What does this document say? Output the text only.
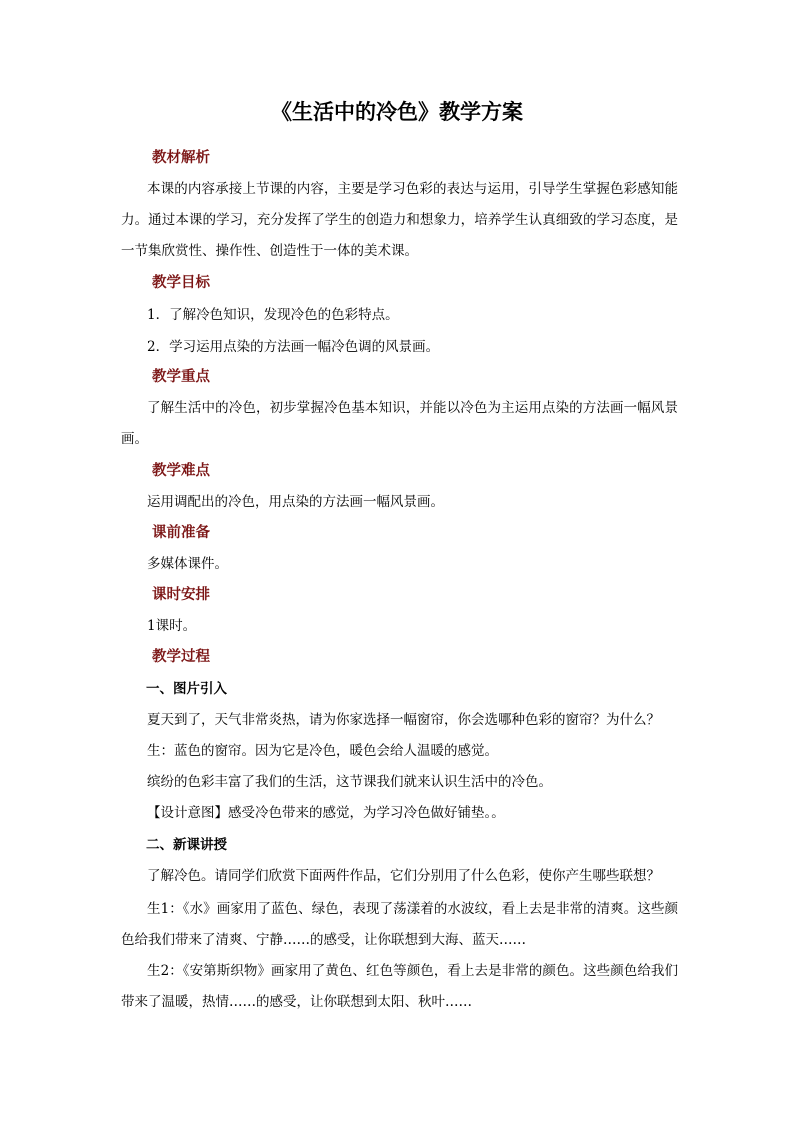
《生活中的冷色》教学方案
教材解析

本课的内容承接上节课的内容，主要是学习色彩的表达与运用，引导学生掌握色彩感知能力。通过本课的学习，充分发挥了学生的创造力和想象力，培养学生认真细致的学习态度，是一节集欣赏性、操作性、创造性于一体的美术课。

教学目标

1．了解冷色知识，发现冷色的色彩特点。

2．学习运用点染的方法画一幅冷色调的风景画。

教学重点

了解生活中的冷色，初步掌握冷色基本知识，并能以冷色为主运用点染的方法画一幅风景画。

教学难点

运用调配出的冷色，用点染的方法画一幅风景画。

课前准备

多媒体课件。

课时安排

1课时。

教学过程
一、图片引入

夏天到了，天气非常炎热，请为你家选择一幅窗帘，你会选哪种色彩的窗帘？为什么？

生：蓝色的窗帘。因为它是冷色，暖色会给人温暖的感觉。

缤纷的色彩丰富了我们的生活，这节课我们就来认识生活中的冷色。

【设计意图】感受冷色带来的感觉，为学习冷色做好铺垫。。

二、新课讲授

了解冷色。请同学们欣赏下面两件作品，它们分别用了什么色彩，使你产生哪些联想？

生1：《水》画家用了蓝色、绿色，表现了荡漾着的水波纹，看上去是非常的清爽。这些颜色给我们带来了清爽、宁静……的感受，让你联想到大海、蓝天……

生2：《安第斯织物》画家用了黄色、红色等颜色，看上去是非常的颜色。这些颜色给我们带来了温暖，热情……的感受，让你联想到太阳、秋叶……
